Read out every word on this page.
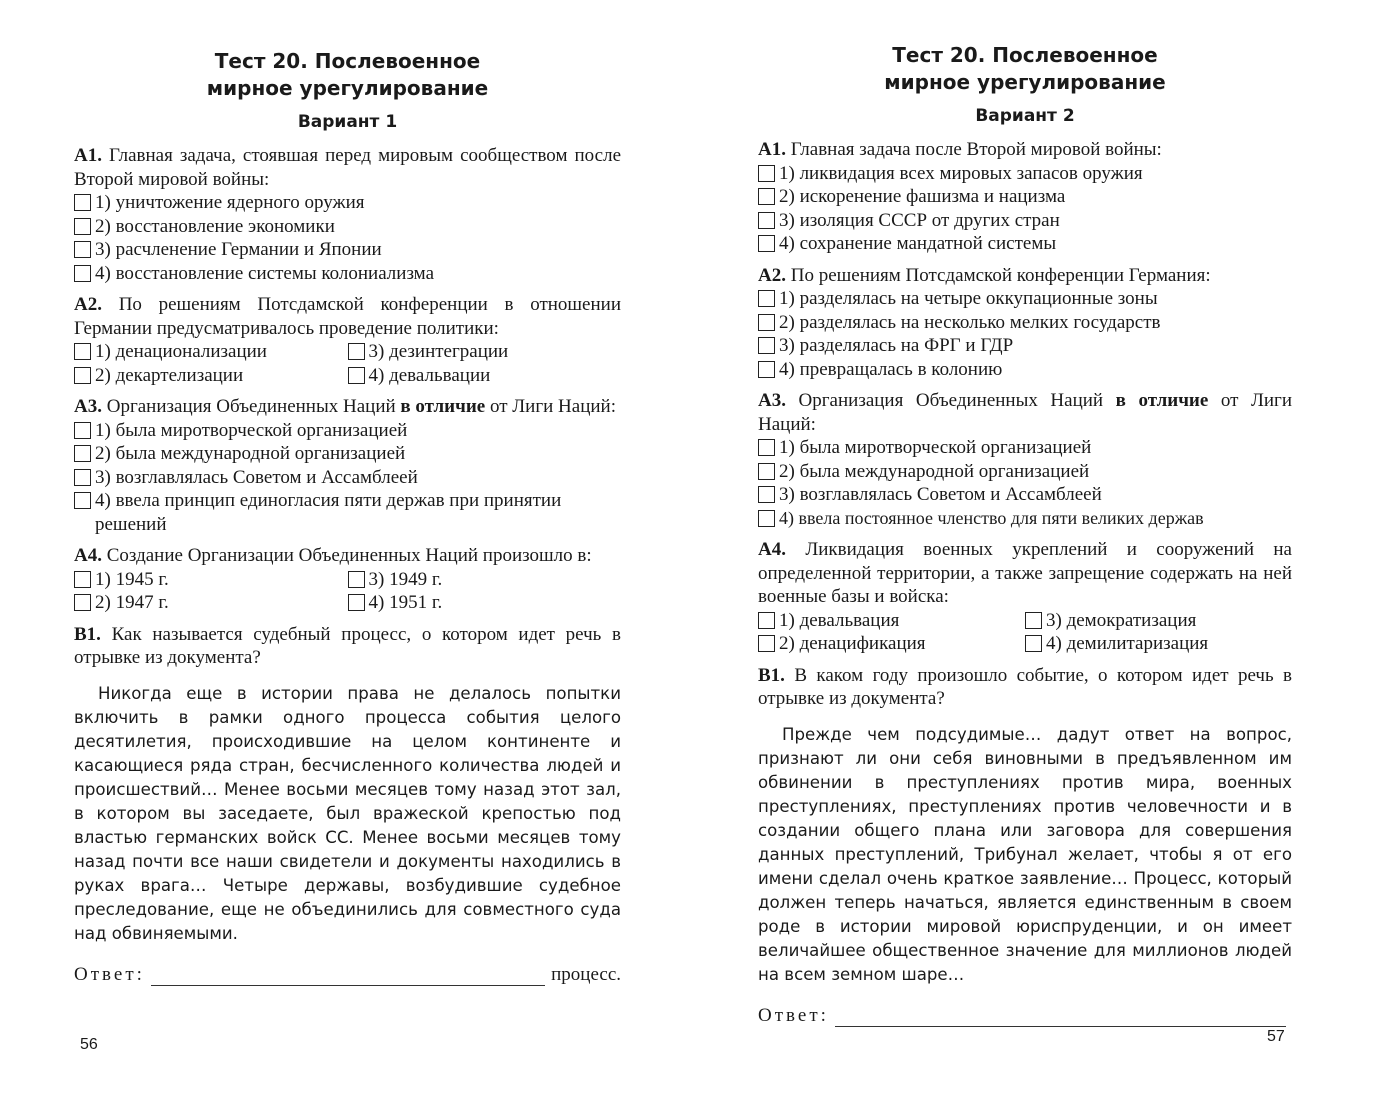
Тест 20. Послевоенное
мирное урегулирование
Вариант 1
А1. Главная задача, стоявшая перед мировым сообществом после Второй мировой войны:
1) уничтожение ядерного оружия
2) восстановление экономики
3) расчленение Германии и Японии
4) восстановление системы колониализма
А2. По решениям Потсдамской конференции в отношении Германии предусматривалось проведение политики:
1) денационализации
2) декартелизации
3) дезинтеграции
4) девальвации
А3. Организация Объединенных Наций в отличие от Лиги Наций:
1) была миротворческой организацией
2) была международной организацией
3) возглавлялась Советом и Ассамблеей
4) ввела принцип единогласия пяти держав при принятии решений
А4. Создание Организации Объединенных Наций произошло в:
1) 1945 г.
2) 1947 г.
3) 1949 г.
4) 1951 г.
В1. Как называется судебный процесс, о котором идет речь в отрывке из документа?
Никогда еще в истории права не делалось попытки включить в рамки одного процесса события целого десятилетия, происходившие на целом континенте и касающиеся ряда стран, бесчисленного количества людей и происшествий… Менее восьми месяцев тому назад этот зал, в котором вы заседаете, был вражеской крепостью под властью германских войск СС. Менее восьми месяцев тому назад почти все наши свидетели и документы находились в руках врага… Четыре державы, возбудившие судебное преследование, еще не объединились для совместного суда над обвиняемыми.
Ответ:	процесс.
56
Тест 20. Послевоенное
мирное урегулирование
Вариант 2
А1. Главная задача после Второй мировой войны:
1) ликвидация всех мировых запасов оружия
2) искоренение фашизма и нацизма
3) изоляция СССР от других стран
4) сохранение мандатной системы
А2. По решениям Потсдамской конференции Германия:
1) разделялась на четыре оккупационные зоны
2) разделялась на несколько мелких государств
3) разделялась на ФРГ и ГДР
4) превращалась в колонию
А3. Организация Объединенных Наций в отличие от Лиги Наций:
1) была миротворческой организацией
2) была международной организацией
3) возглавлялась Советом и Ассамблеей
4) ввела постоянное членство для пяти великих держав
А4. Ликвидация военных укреплений и сооружений на определенной территории, а также запрещение содержать на ней военные базы и войска:
1) девальвация
2) денацификация
3) демократизация
4) демилитаризация
В1. В каком году произошло событие, о котором идет речь в отрывке из документа?
Прежде чем подсудимые… дадут ответ на вопрос, признают ли они себя виновными в предъявленном им обвинении в преступлениях против мира, военных преступлениях, преступлениях против человечности и в создании общего плана или заговора для совершения данных преступлений, Трибунал желает, чтобы я от его имени сделал очень краткое заявление… Процесс, который должен теперь начаться, является единственным в своем роде в истории мировой юриспруденции, и он имеет величайшее общественное значение для миллионов людей на всем земном шаре…
Ответ:
57
